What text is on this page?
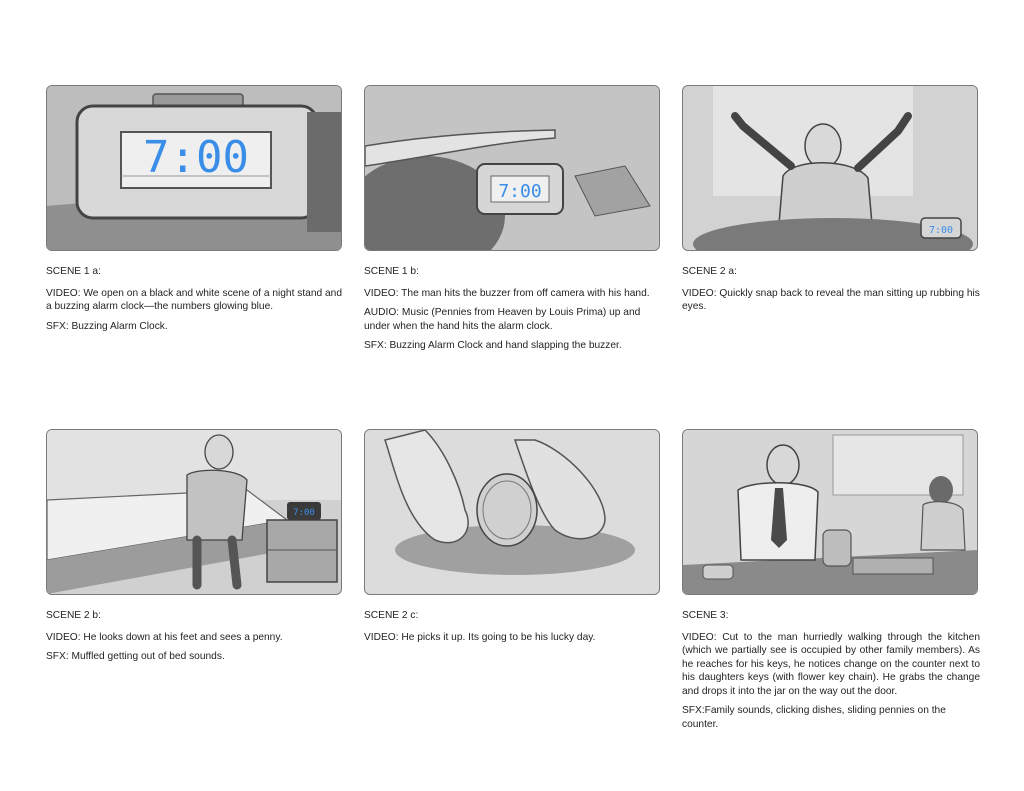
7:00

SCENE 1 a:

VIDEO: We open on a black and white scene of a night stand and a buzzing alarm clock—the numbers glowing blue.

SFX: Buzzing Alarm Clock.

7:00

SCENE 1 b:

VIDEO: The man hits the buzzer from off camera with his hand.

AUDIO: Music (Pennies from Heaven by Louis Prima) up and under when the hand hits the alarm clock.

SFX: Buzzing Alarm Clock and hand slapping the buzzer.

7:00

SCENE 2 a:

VIDEO: Quickly snap back to reveal the man sitting up rubbing his eyes.

7:00

SCENE 2 b:

VIDEO: He looks down at his feet and sees a penny.

SFX: Muffled getting out of bed sounds.

SCENE 2 c:

VIDEO: He picks it up. Its going to be his lucky day.

SCENE 3:

VIDEO: Cut to the man hurriedly walking through the kitchen (which we partially see is occupied by other family members). As he reaches for his keys, he notices change on the counter next to his daughters keys (with flower key chain). He grabs the change and drops it into the jar on the way out the door.

SFX:Family sounds, clicking dishes, sliding pennies on the counter.
